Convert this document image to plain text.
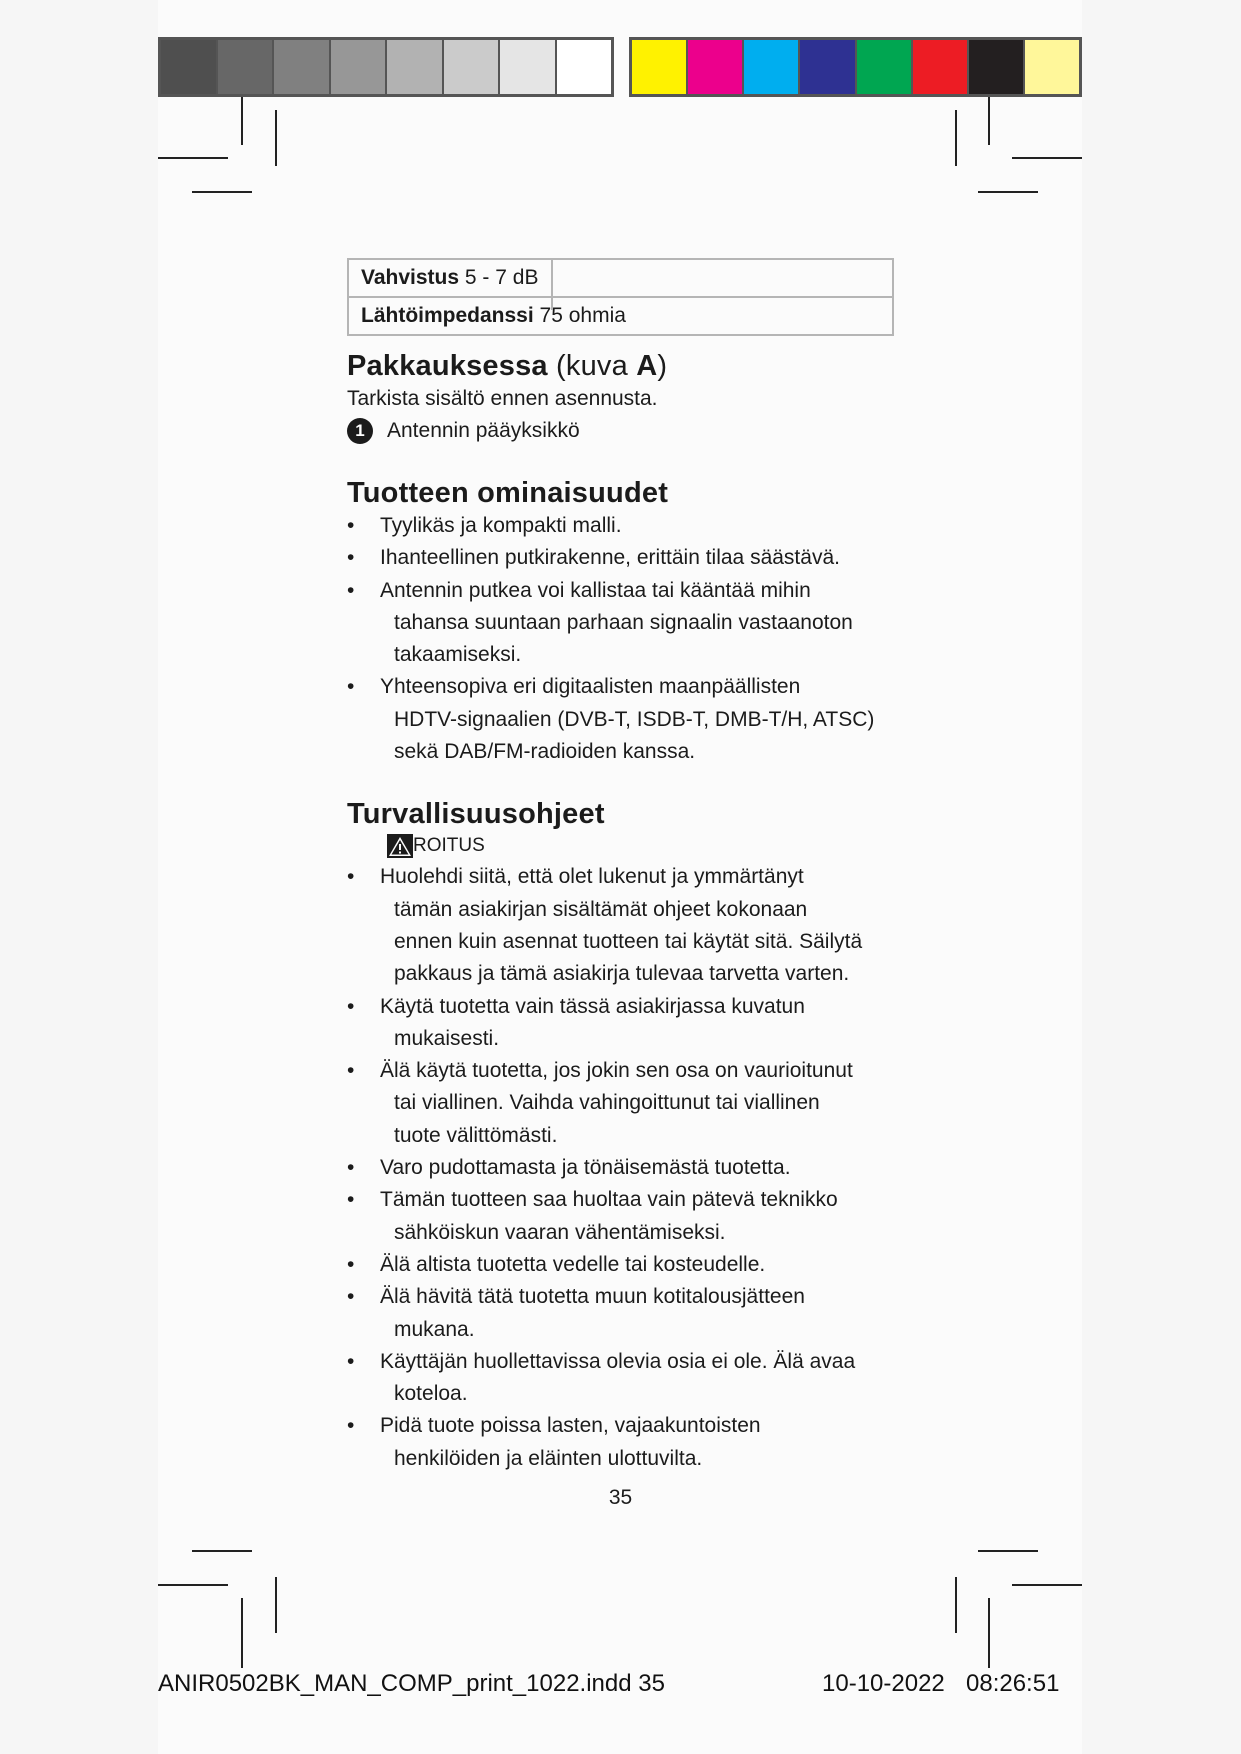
Vahvistus 5 - 7 dB

Lähtöimpedanssi 75 ohmia
Pakkauksessa (kuva A)

Tarkista sisältö ennen asennusta.

1	Antennin pääyksikkö
Tuotteen ominaisuudet
•	Tyylikäs ja kompakti malli.
•	Ihanteellinen putkirakenne, erittäin tilaa säästävä.
•	Antennin putkea voi kallistaa tai kääntää mihin
tahansa suuntaan parhaan signaalin vastaanoton
takaamiseksi.
•	Yhteensopiva eri digitaalisten maanpäällisten
HDTV-signaalien (DVB-T, ISDB-T, DMB-T/H, ATSC)
sekä DAB/FM-radioiden kanssa.
Turvallisuusohjeet
ROITUS
•	Huolehdi siitä, että olet lukenut ja ymmärtänyt
tämän asiakirjan sisältämät ohjeet kokonaan
ennen kuin asennat tuotteen tai käytät sitä. Säilytä
pakkaus ja tämä asiakirja tulevaa tarvetta varten.
•	Käytä tuotetta vain tässä asiakirjassa kuvatun
mukaisesti.
•	Älä käytä tuotetta, jos jokin sen osa on vaurioitunut
tai viallinen. Vaihda vahingoittunut tai viallinen
tuote välittömästi.
•	Varo pudottamasta ja tönäisemästä tuotetta.
•	Tämän tuotteen saa huoltaa vain pätevä teknikko
sähköiskun vaaran vähentämiseksi.
•	Älä altista tuotetta vedelle tai kosteudelle.
•	Älä hävitä tätä tuotetta muun kotitalousjätteen
mukana.
•	Käyttäjän huollettavissa olevia osia ei ole. Älä avaa
koteloa.
•	Pidä tuote poissa lasten, vajaakuntoisten
henkilöiden ja eläinten ulottuvilta.
35
ANIR0502BK_MAN_COMP_print_1022.indd 35	10-10-2022 08:26:51
